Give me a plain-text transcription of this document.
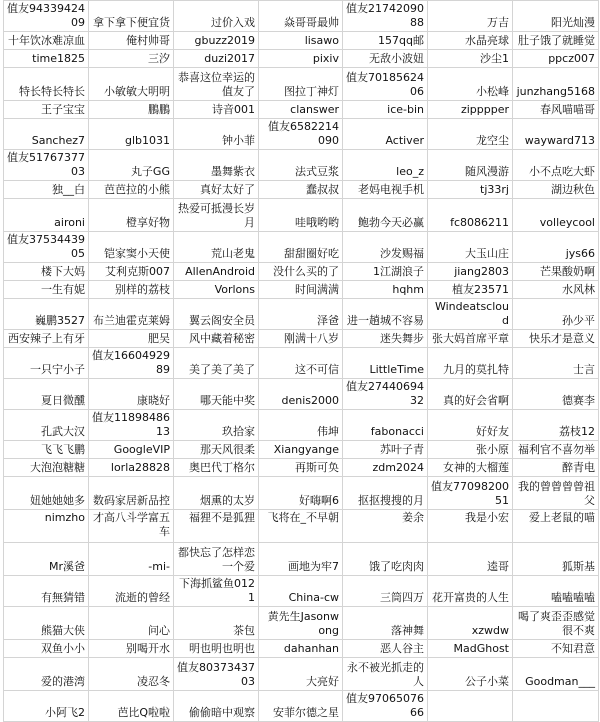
值友9433942409	拿下拿下便宜货	过价入戏	焱哥哥最帅	值友2174209088	万吉	阳光灿漫
十年饮冰难凉血	俺村帅哥	gbuzz2019	lisawo	157qq邮	水晶亮球	肚子饿了就睡觉
time1825	三汐	duzi2017	pixiv	无敌小波妞	沙尘1	ppcz007
特长特长特长	小敏敏大明明	恭喜这位幸运的值友了	图拉丁神灯	值友7018562406	小松峰	junzhang5168
王子宝宝	鵬鵬	诗音001	clanswer	ice-bin	zipppper	春风喵喵哥
Sanchez7	glb1031	钟小菲	值友6582214090	Activer	龙空尘	wayward713
值友5176737703	丸子GG	墨舞紫衣	法式豆浆	leo_z	随风漫游	小不点吃大虾
独__白	芭芭拉的小熊	真好太好了	蠢叔叔	老妈电视手机	tj33rj	湖边秋色
aironi	橙享好物	热爱可抵漫长岁月	哇哦哟哟	鲍勃今天必赢	fc8086211	volleycool
值友3753443905	铠家窦小天使	荒山老鬼	甜甜圈好吃	沙发赐福	大玉山庄	jys66
楼下大妈	艾利克斯007	AllenAndroid	没什么买的了	1江湖浪子	jiang2803	芒果酸奶啊
一生有妮	别样的荔枝	Vorlons	时间满满	hqhm	植友23571	水风林
巍鹏3527	布兰迪霍克莱姆	翼云阁安全员	泽爸	进一趟城不容易	Windeatscloud	孙少平
西安辣子上有牙	肥吴	风中藏着秘密	刚满十八岁	迷失舞步	张大妈首席平章	快乐才是意义
一只宁小子	值友1660492989	美了美了美了	这不可信	LittleTime	九月的莫扎特	士言
夏日微醺	康晓好	哪天能中奖	denis2000	值友2744069432	真的好会省啊	德赛李
孔武大汉	值友1189848613	玖拾家	伟坤	fabonacci	好好友	荔枝12
飞飞飞鹏	GoogleVIP	那天风很柔	Xiangyange	苏叶子青	张小原	福利官不喜勿举
大泡泡糖糖	lorla28828	奥巴代丁格尔	再斯可奂	zdm2024	女神的大榴莲	醉青电
妞她她她多	数码家居新品控	烟熏的太岁	好嗨啊6	抠抠搜搜的月	值友7709820051	我的曾曾曾曾祖父
nimzho	才高八斗学富五车	福狸不是狐狸	飞将在_不早朝	姜余	我是小宏	爱上老鼠的喵
Mr溪爸	-mi-	都快忘了怎样恋一个爱	画地为牢7	饿了吃肉肉	逵哥	狐斯基
有無猜错	流逝的曾经	下海抓鲨鱼0121	China-cw	三筒四万	花开富贵的人生	嗑嗑嗑嗑
熊猫大侠	问心	茶包	黄先生Jasonwong	落神舞	xzwdw	喝了爽歪歪感觉很不爽
双鱼小小	别喝开水	明也明也明也	dahanhan	恶人谷主	MadGhost	不知君意
爱的港湾	凌忍冬	值友8037343703	大亮好	永不被光抓走的人	公子小菜	Goodman___
小阿飞2	芭比Q啦啦	偷偷暗中观察	安菲尔德之星	值友9706507666		
